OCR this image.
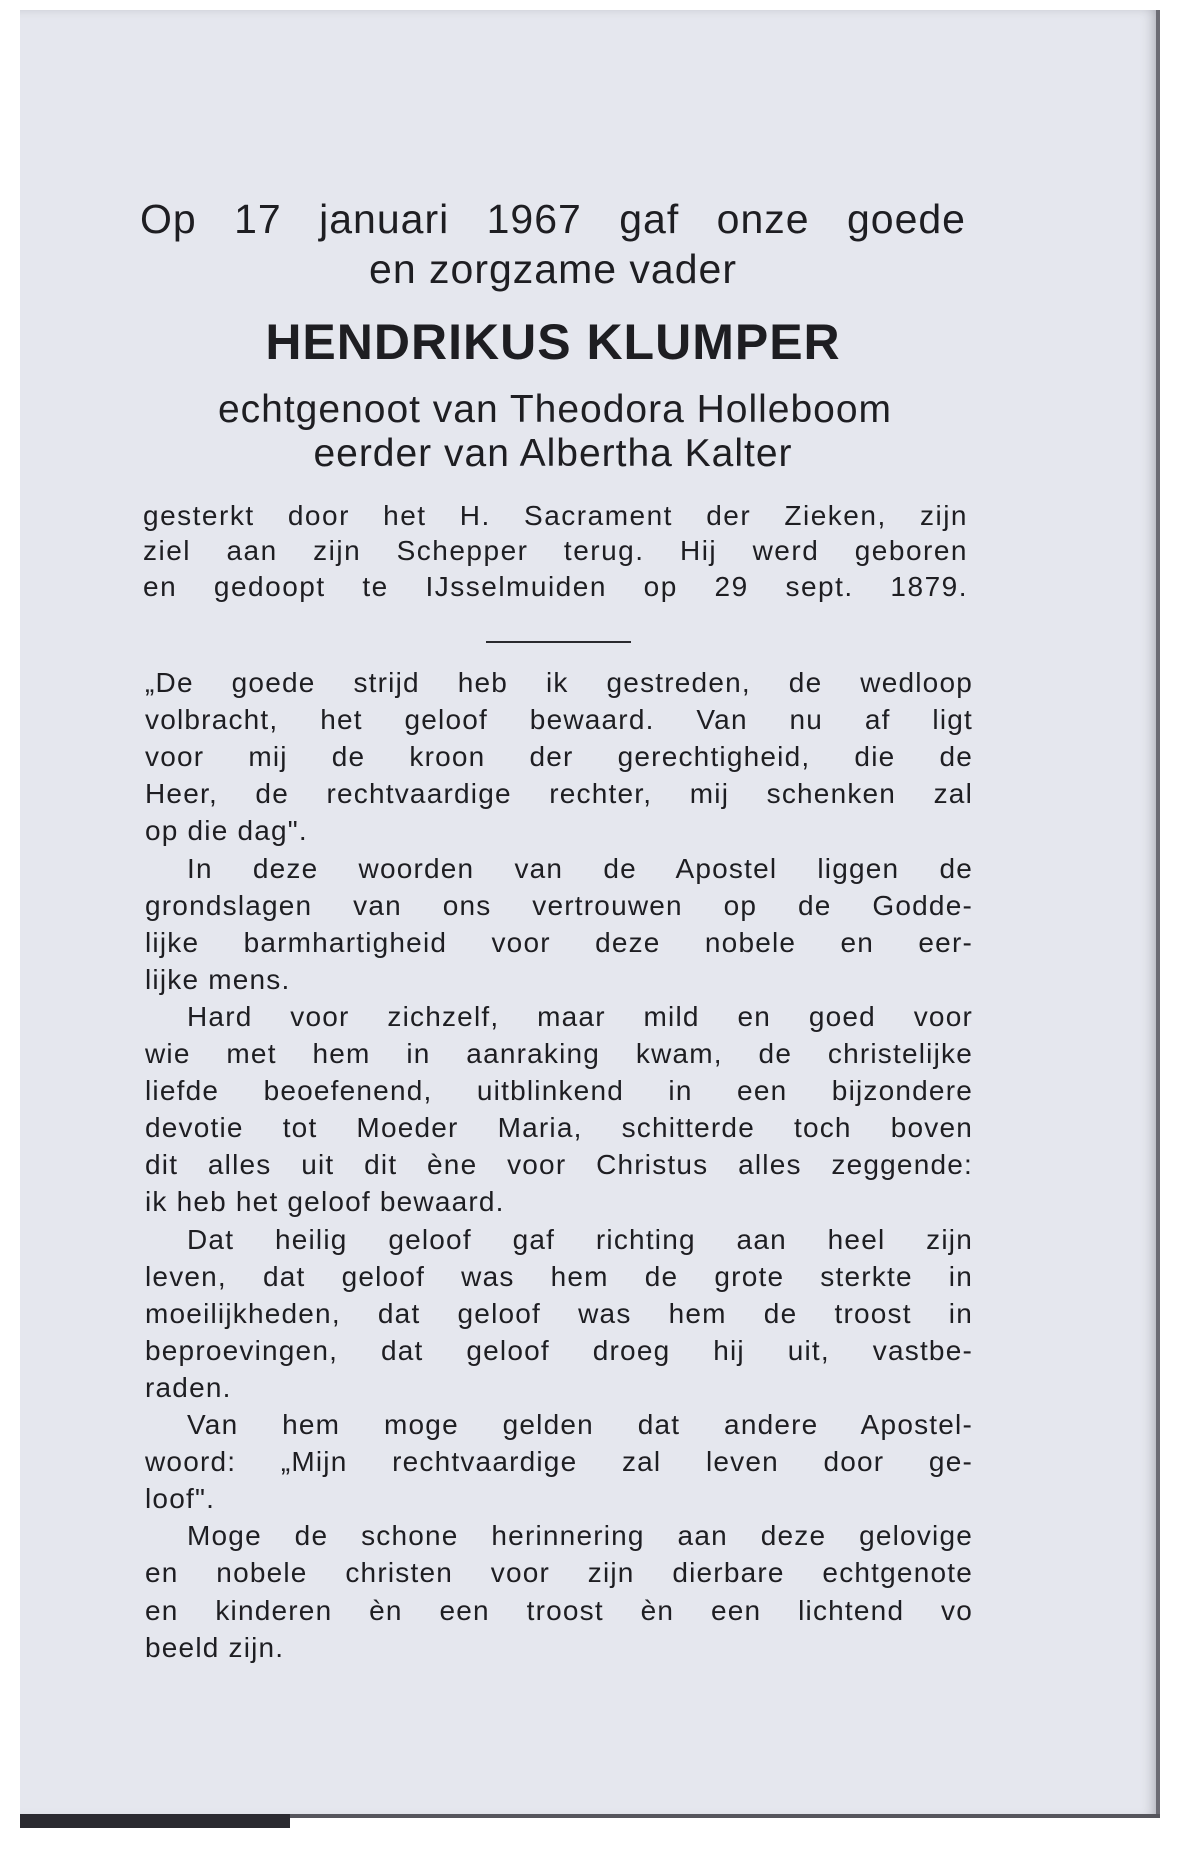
Op 17 januari 1967 gaf onze goede
en zorgzame vader
HENDRIKUS KLUMPER
echtgenoot van Theodora Holleboom
eerder van Albertha Kalter
gesterkt door het H. Sacrament der Zieken, zijn
ziel aan zijn Schepper terug. Hij werd geboren
en gedoopt te IJsselmuiden op 29 sept. 1879.
„De goede strijd heb ik gestreden, de wedloop
volbracht, het geloof bewaard. Van nu af ligt
voor mij de kroon der gerechtigheid, die de
Heer, de rechtvaardige rechter, mij schenken zal
op die dag".
In deze woorden van de Apostel liggen de
grondslagen van ons vertrouwen op de Godde-
lijke barmhartigheid voor deze nobele en eer-
lijke mens.
Hard voor zichzelf, maar mild en goed voor
wie met hem in aanraking kwam, de christelijke
liefde beoefenend, uitblinkend in een bijzondere
devotie tot Moeder Maria, schitterde toch boven
dit alles uit dit ène voor Christus alles zeggende:
ik heb het geloof bewaard.
Dat heilig geloof gaf richting aan heel zijn
leven, dat geloof was hem de grote sterkte in
moeilijkheden, dat geloof was hem de troost in
beproevingen, dat geloof droeg hij uit, vastbe-
raden.
Van hem moge gelden dat andere Apostel-
woord: „Mijn rechtvaardige zal leven door ge-
loof".
Moge de schone herinnering aan deze gelovige
en nobele christen voor zijn dierbare echtgenote
en kinderen èn een troost èn een lichtend vo
beeld zijn.
